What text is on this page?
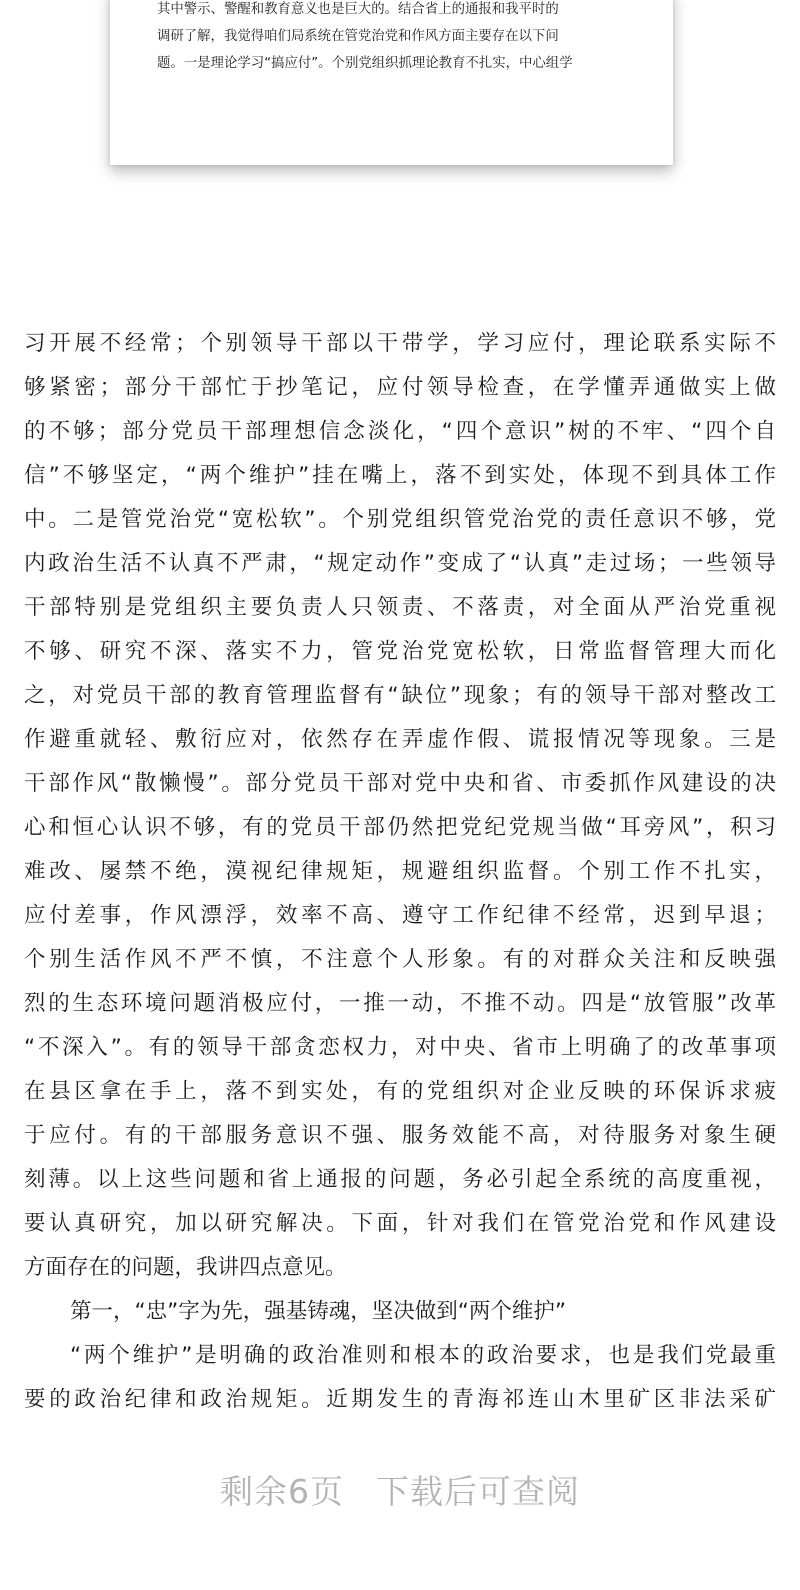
其中警示、警醒和教育意义也是巨大的。结合省上的通报和我平时的
调研了解，我觉得咱们局系统在管党治党和作风方面主要存在以下问
题。一是理论学习“搞应付”。个别党组织抓理论教育不扎实，中心组学
习开展不经常；个别领导干部以干带学，学习应付，理论联系实际不
够紧密；部分干部忙于抄笔记，应付领导检查，在学懂弄通做实上做
的不够；部分党员干部理想信念淡化，“四个意识”树的不牢、“四个自
信”不够坚定，“两个维护”挂在嘴上，落不到实处，体现不到具体工作
中。二是管党治党“宽松软”。个别党组织管党治党的责任意识不够，党
内政治生活不认真不严肃，“规定动作”变成了“认真”走过场；一些领导
干部特别是党组织主要负责人只领责、不落责，对全面从严治党重视
不够、研究不深、落实不力，管党治党宽松软，日常监督管理大而化
之，对党员干部的教育管理监督有“缺位”现象；有的领导干部对整改工
作避重就轻、敷衍应对，依然存在弄虚作假、谎报情况等现象。三是
干部作风“散懒慢”。部分党员干部对党中央和省、市委抓作风建设的决
心和恒心认识不够，有的党员干部仍然把党纪党规当做“耳旁风”，积习
难改、屡禁不绝，漠视纪律规矩，规避组织监督。个别工作不扎实，
应付差事，作风漂浮，效率不高、遵守工作纪律不经常，迟到早退；
个别生活作风不严不慎，不注意个人形象。有的对群众关注和反映强
烈的生态环境问题消极应付，一推一动，不推不动。四是“放管服”改革
“不深入”。有的领导干部贪恋权力，对中央、省市上明确了的改革事项
在县区拿在手上，落不到实处，有的党组织对企业反映的环保诉求疲
于应付。有的干部服务意识不强、服务效能不高，对待服务对象生硬
刻薄。以上这些问题和省上通报的问题，务必引起全系统的高度重视，
要认真研究，加以研究解决。下面，针对我们在管党治党和作风建设
方面存在的问题，我讲四点意见。
第一，“忠”字为先，强基铸魂，坚决做到“两个维护”
“两个维护”是明确的政治准则和根本的政治要求，也是我们党最重
要的政治纪律和政治规矩。近期发生的青海祁连山木里矿区非法采矿
剩余6页 下载后可查阅
